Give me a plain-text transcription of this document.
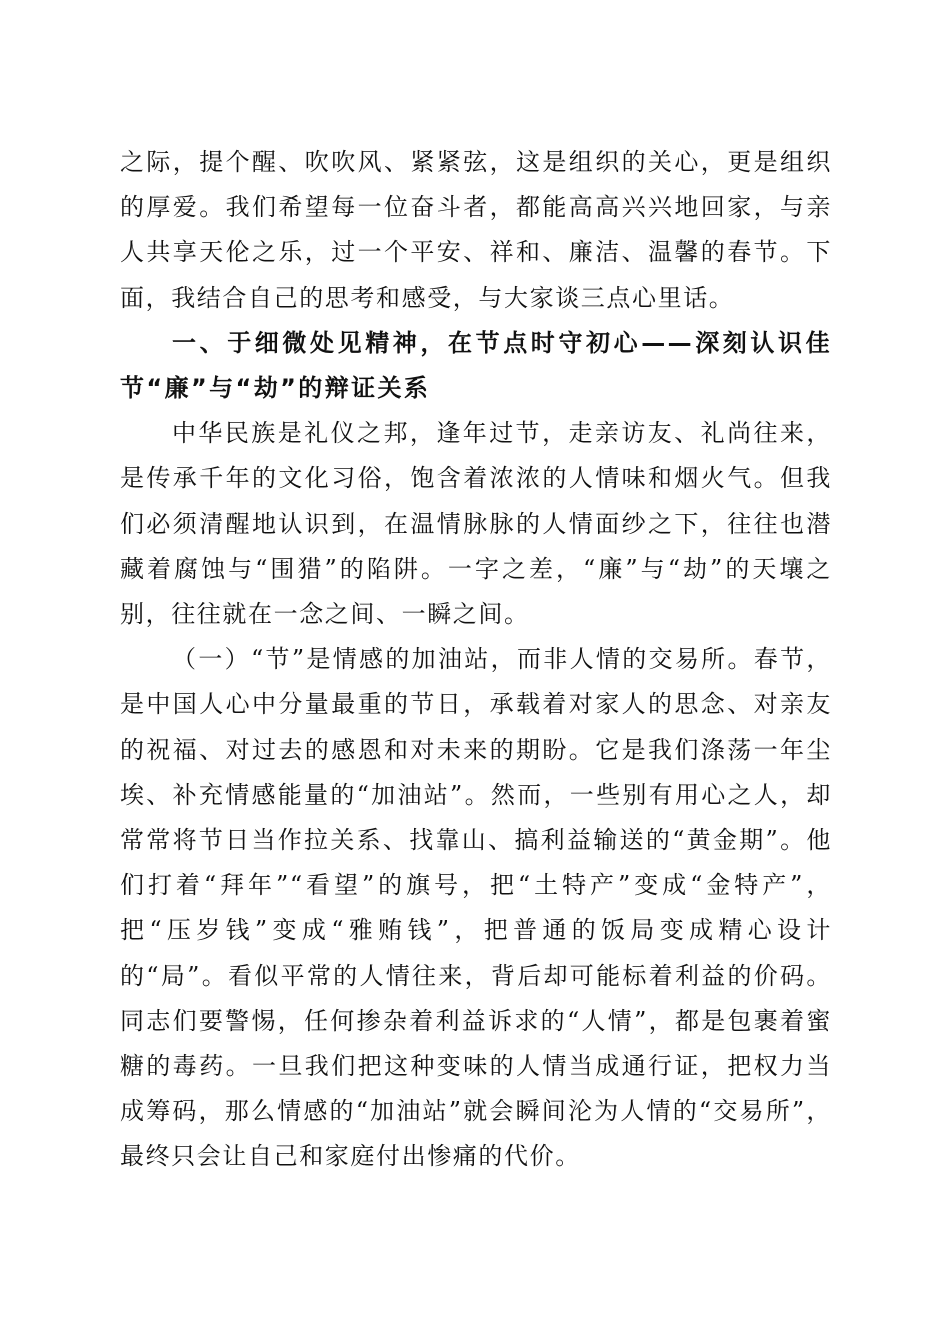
之际，提个醒、吹吹风、紧紧弦，这是组织的关心，更是组织的厚爱。我们希望每一位奋斗者，都能高高兴兴地回家，与亲人共享天伦之乐，过一个平安、祥和、廉洁、温馨的春节。下面，我结合自己的思考和感受，与大家谈三点心里话。

一、于细微处见精神，在节点时守初心——深刻认识佳节“廉”与“劫”的辩证关系

中华民族是礼仪之邦，逢年过节，走亲访友、礼尚往来，是传承千年的文化习俗，饱含着浓浓的人情味和烟火气。但我们必须清醒地认识到，在温情脉脉的人情面纱之下，往往也潜藏着腐蚀与“围猎”的陷阱。一字之差，“廉”与“劫”的天壤之别，往往就在一念之间、一瞬之间。

（一）“节”是情感的加油站，而非人情的交易所。春节，是中国人心中分量最重的节日，承载着对家人的思念、对亲友的祝福、对过去的感恩和对未来的期盼。它是我们涤荡一年尘埃、补充情感能量的“加油站”。然而，一些别有用心之人，却常常将节日当作拉关系、找靠山、搞利益输送的“黄金期”。他们打着“拜年”“看望”的旗号，把“土特产”变成“金特产”，把“压岁钱”变成“雅贿钱”，把普通的饭局变成精心设计的“局”。看似平常的人情往来，背后却可能标着利益的价码。同志们要警惕，任何掺杂着利益诉求的“人情”，都是包裹着蜜糖的毒药。一旦我们把这种变味的人情当成通行证，把权力当成筹码，那么情感的“加油站”就会瞬间沦为人情的“交易所”，最终只会让自己和家庭付出惨痛的代价。
